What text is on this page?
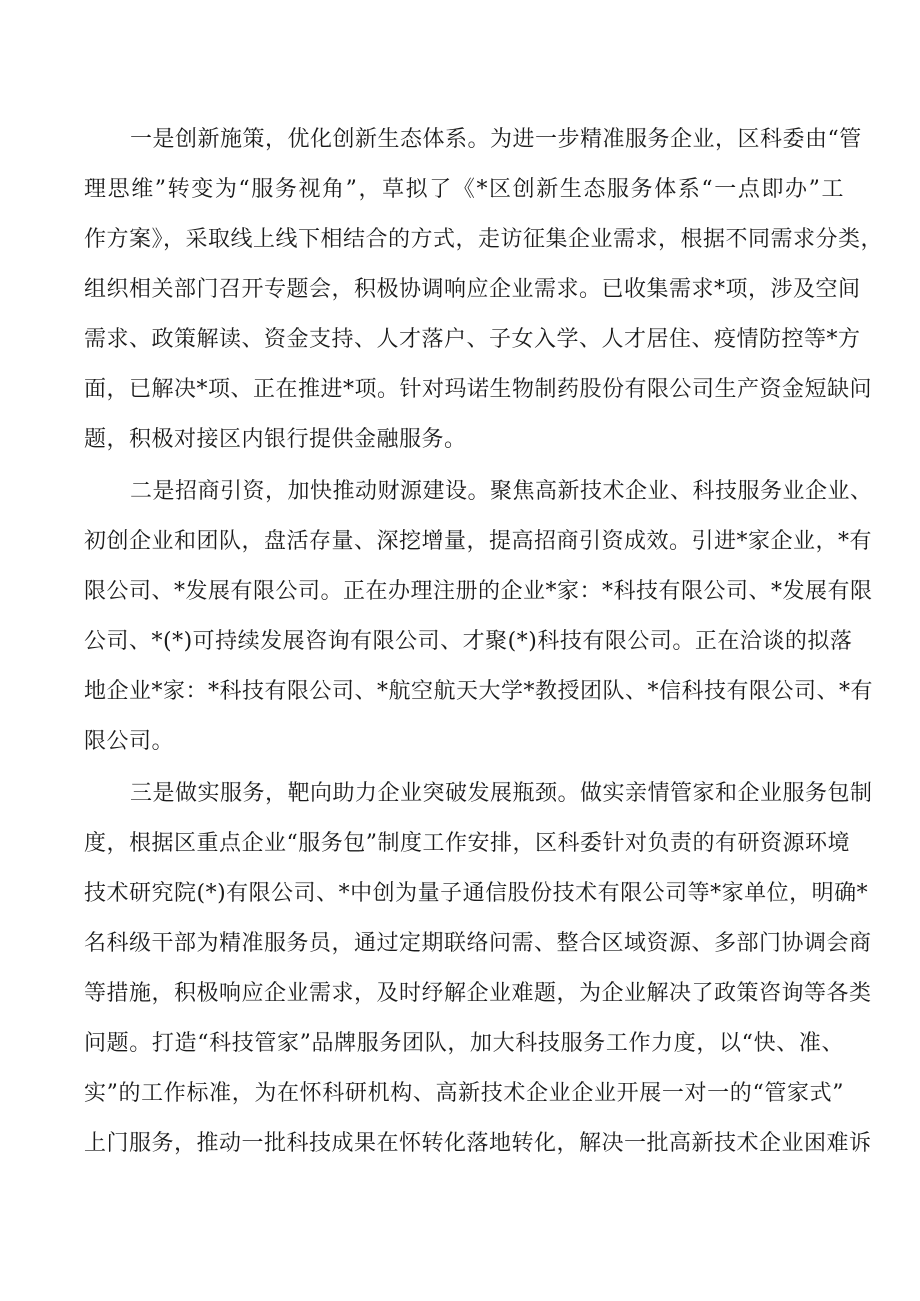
一是创新施策，优化创新生态体系。为进一步精准服务企业，区科委由“管
理思维”转变为“服务视角”，草拟了《*区创新生态服务体系“一点即办”工
作方案》，采取线上线下相结合的方式，走访征集企业需求，根据不同需求分类，
组织相关部门召开专题会，积极协调响应企业需求。已收集需求*项，涉及空间
需求、政策解读、资金支持、人才落户、子女入学、人才居住、疫情防控等*方
面，已解决*项、正在推进*项。针对玛诺生物制药股份有限公司生产资金短缺问
题，积极对接区内银行提供金融服务。
二是招商引资，加快推动财源建设。聚焦高新技术企业、科技服务业企业、
初创企业和团队，盘活存量、深挖增量，提高招商引资成效。引进*家企业，*有
限公司、*发展有限公司。正在办理注册的企业*家：*科技有限公司、*发展有限
公司、*(*)可持续发展咨询有限公司、才聚(*)科技有限公司。正在洽谈的拟落
地企业*家：*科技有限公司、*航空航天大学*教授团队、*信科技有限公司、*有
限公司。
三是做实服务，靶向助力企业突破发展瓶颈。做实亲情管家和企业服务包制
度，根据区重点企业“服务包”制度工作安排，区科委针对负责的有研资源环境
技术研究院(*)有限公司、*中创为量子通信股份技术有限公司等*家单位，明确*
名科级干部为精准服务员，通过定期联络问需、整合区域资源、多部门协调会商
等措施，积极响应企业需求，及时纾解企业难题，为企业解决了政策咨询等各类
问题。打造“科技管家”品牌服务团队，加大科技服务工作力度，以“快、准、
实”的工作标准，为在怀科研机构、高新技术企业企业开展一对一的“管家式”
上门服务，推动一批科技成果在怀转化落地转化，解决一批高新技术企业困难诉
